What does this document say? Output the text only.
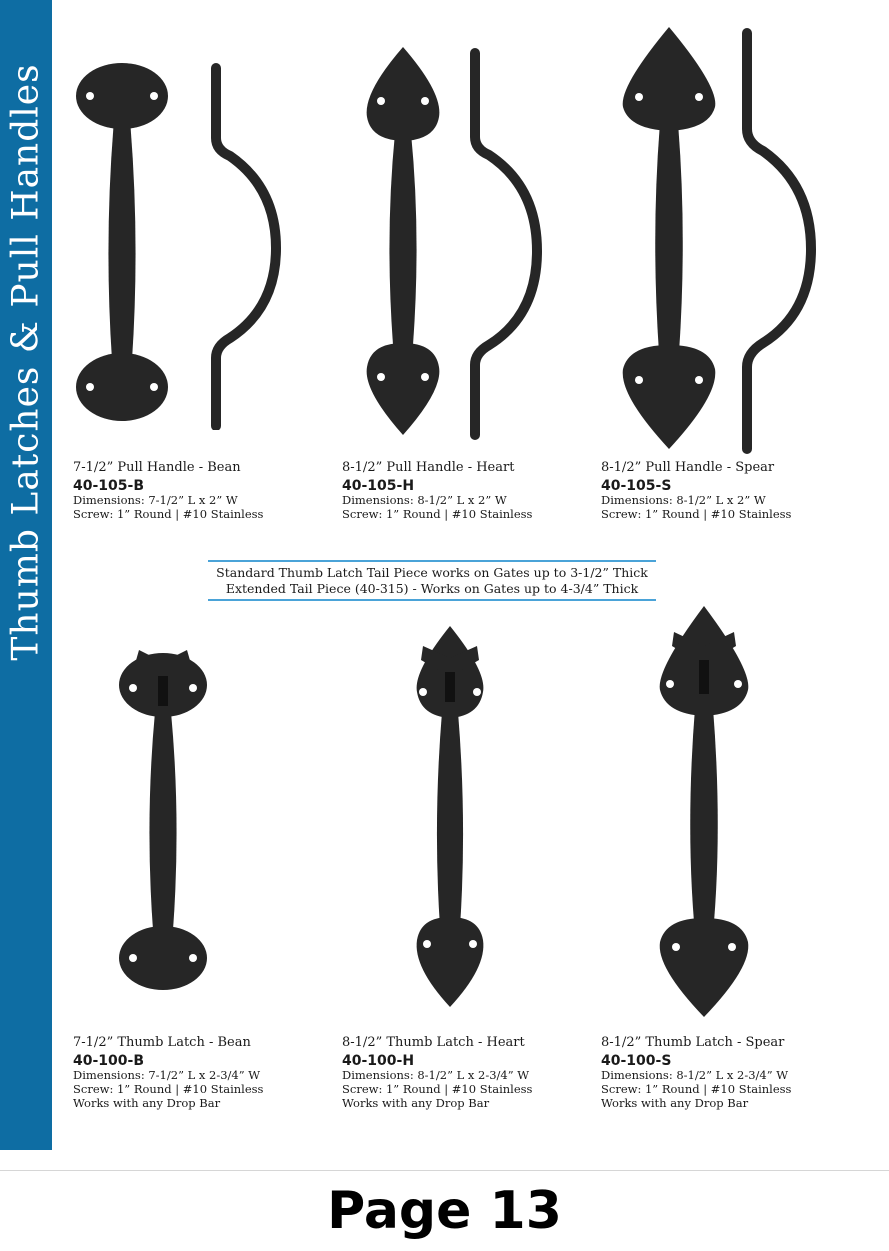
Thumb Latches & Pull Handles 7-1/2” Pull Handle - Bean
40-105-B
Dimensions: 7-1/2” L x 2” W
Screw: 1” Round | #10 Stainless
8-1/2” Pull Handle - Heart
40-105-H
Dimensions: 8-1/2” L x 2” W
Screw: 1” Round | #10 Stainless
8-1/2” Pull Handle - Spear
40-105-S
Dimensions: 8-1/2” L x 2” W
Screw: 1” Round | #10 Stainless
Standard Thumb Latch Tail Piece works on Gates up to 3-1/2” Thick
Extended Tail Piece (40-315) - Works on Gates up to 4-3/4” Thick
7-1/2” Thumb Latch - Bean
40-100-B
Dimensions: 7-1/2” L x 2-3/4” W
Screw: 1” Round | #10 Stainless
Works with any Drop Bar
8-1/2” Thumb Latch - Heart
40-100-H
Dimensions: 8-1/2” L x 2-3/4” W
Screw: 1” Round | #10 Stainless
Works with any Drop Bar
8-1/2” Thumb Latch - Spear
40-100-S
Dimensions: 8-1/2” L x 2-3/4” W
Screw: 1” Round | #10 Stainless
Works with any Drop Bar
Page 13
